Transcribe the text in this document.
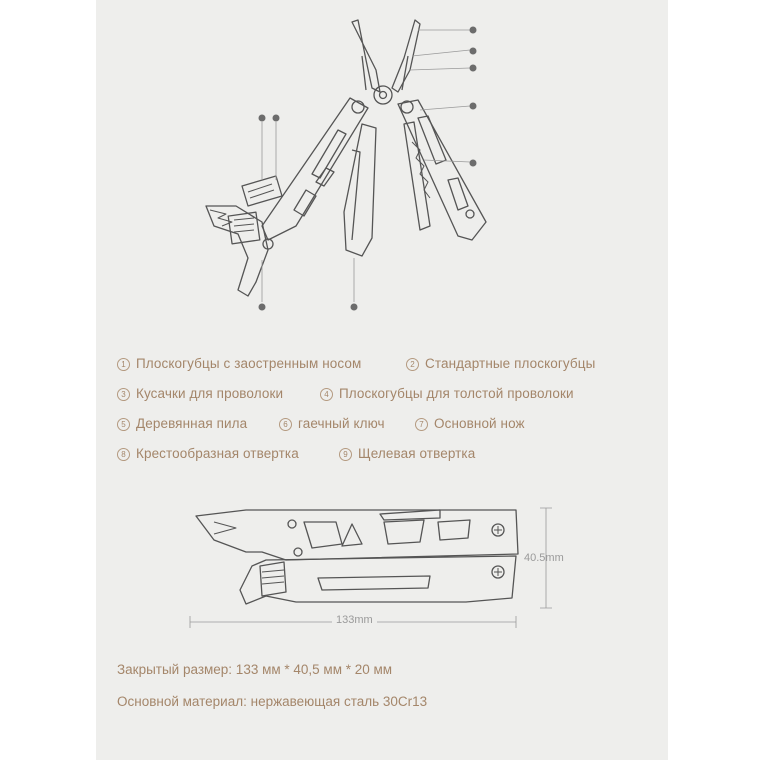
1 Плоскогубцы с заостренным носом	2 Стандартные плоскогубцы
3 Кусачки для проволоки	4 Плоскогубцы для толстой проволоки
5 Деревянная пила	6 гаечный ключ	7 Основной нож
8 Крестообразная отвертка	9 Щелевая отвертка
40.5mm
133mm
Закрытый размер: 133 мм * 40,5 мм * 20 мм
Основной материал: нержавеющая сталь 30Cr13
